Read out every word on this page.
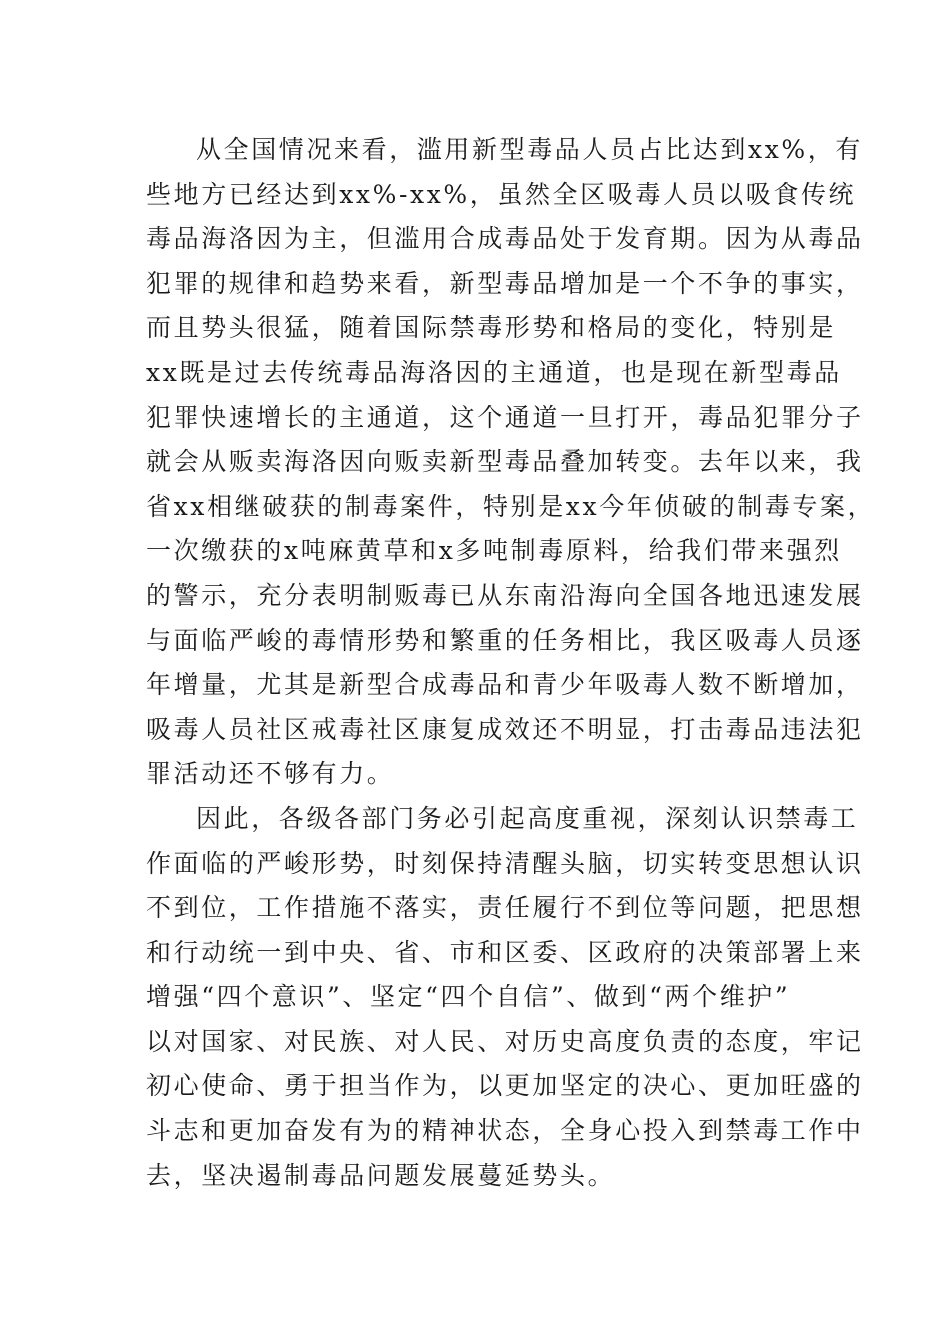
从全国情况来看，滥用新型毒品人员占比达到xx%，有
些地方已经达到xx%-xx%，虽然全区吸毒人员以吸食传统
毒品海洛因为主，但滥用合成毒品处于发育期。因为从毒品
犯罪的规律和趋势来看，新型毒品增加是一个不争的事实，
而且势头很猛，随着国际禁毒形势和格局的变化，特别是
xx既是过去传统毒品海洛因的主通道，也是现在新型毒品
犯罪快速增长的主通道，这个通道一旦打开，毒品犯罪分子
就会从贩卖海洛因向贩卖新型毒品叠加转变。去年以来，我
省xx相继破获的制毒案件，特别是xx今年侦破的制毒专案，
一次缴获的x吨麻黄草和x多吨制毒原料，给我们带来强烈
的警示，充分表明制贩毒已从东南沿海向全国各地迅速发展
与面临严峻的毒情形势和繁重的任务相比，我区吸毒人员逐
年增量，尤其是新型合成毒品和青少年吸毒人数不断增加，
吸毒人员社区戒毒社区康复成效还不明显，打击毒品违法犯
罪活动还不够有力。
因此，各级各部门务必引起高度重视，深刻认识禁毒工
作面临的严峻形势，时刻保持清醒头脑，切实转变思想认识
不到位，工作措施不落实，责任履行不到位等问题，把思想
和行动统一到中央、省、市和区委、区政府的决策部署上来
增强“四个意识”、坚定“四个自信”、做到“两个维护”
以对国家、对民族、对人民、对历史高度负责的态度，牢记
初心使命、勇于担当作为，以更加坚定的决心、更加旺盛的
斗志和更加奋发有为的精神状态，全身心投入到禁毒工作中
去，坚决遏制毒品问题发展蔓延势头。
